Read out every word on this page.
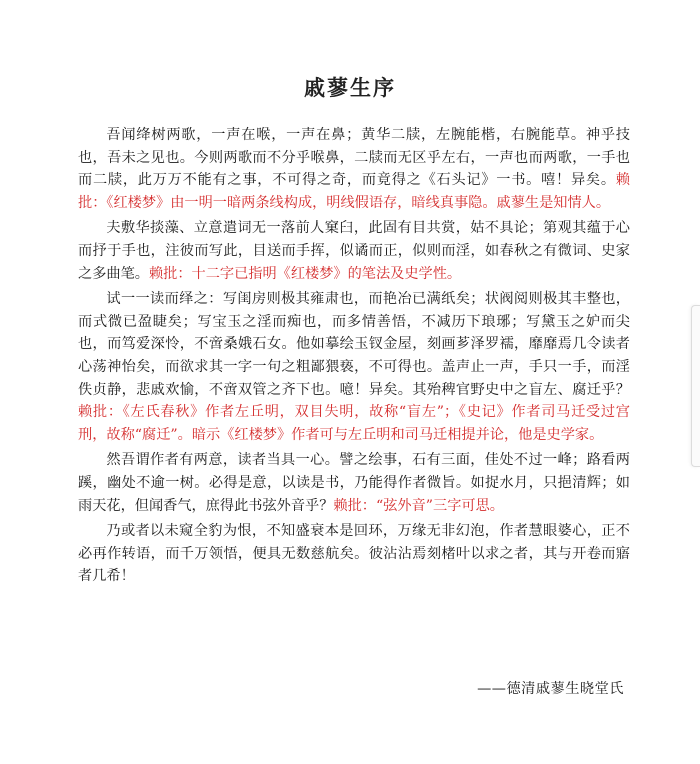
戚蓼生序

吾闻绛树两歌，一声在喉，一声在鼻；黄华二牍，左腕能楷，右腕能草。神乎技也，吾未之见也。今则两歌而不分乎喉鼻，二牍而无区乎左右，一声也而两歌，一手也而二牍，此万万不能有之事，不可得之奇，而竟得之《石头记》一书。嘻！异矣。赖批：《红楼梦》由一明一暗两条线构成，明线假语存，暗线真事隐。戚蓼生是知情人。

夫敷华掞藻、立意遣词无一落前人窠臼，此固有目共赏，姑不具论；第观其蕴于心而抒于手也，注彼而写此，目送而手挥，似谲而正，似则而淫，如春秋之有微词、史家之多曲笔。赖批：十二字已指明《红楼梦》的笔法及史学性。

试一一读而绎之：写闺房则极其雍肃也，而艳冶已满纸矣；状阀阅则极其丰整也，而式微已盈睫矣；写宝玉之淫而痴也，而多情善悟，不减历下琅琊；写黛玉之妒而尖也，而笃爱深怜，不啻桑娥石女。他如摹绘玉钗金屋，刻画芗泽罗襦，靡靡焉几令读者心荡神怡矣，而欲求其一字一句之粗鄙猥亵，不可得也。盖声止一声，手只一手，而淫佚贞静，悲戚欢愉，不啻双管之齐下也。噫！异矣。其殆稗官野史中之盲左、腐迁乎？赖批：《左氏春秋》作者左丘明，双目失明，故称“盲左”；《史记》作者司马迁受过宫刑，故称“腐迁”。暗示《红楼梦》作者可与左丘明和司马迁相提并论，他是史学家。

然吾谓作者有两意，读者当具一心。譬之绘事，石有三面，佳处不过一峰；路看两蹊，幽处不逾一树。必得是意，以读是书，乃能得作者微旨。如捉水月，只挹清辉；如雨天花，但闻香气，庶得此书弦外音乎？赖批：“弦外音”三字可思。

乃或者以未窥全豹为恨，不知盛衰本是回环，万缘无非幻泡，作者慧眼婆心，正不必再作转语，而千万领悟，便具无数慈航矣。彼沾沾焉刻楮叶以求之者，其与开卷而寤者几希！

——德清戚蓼生晓堂氏
